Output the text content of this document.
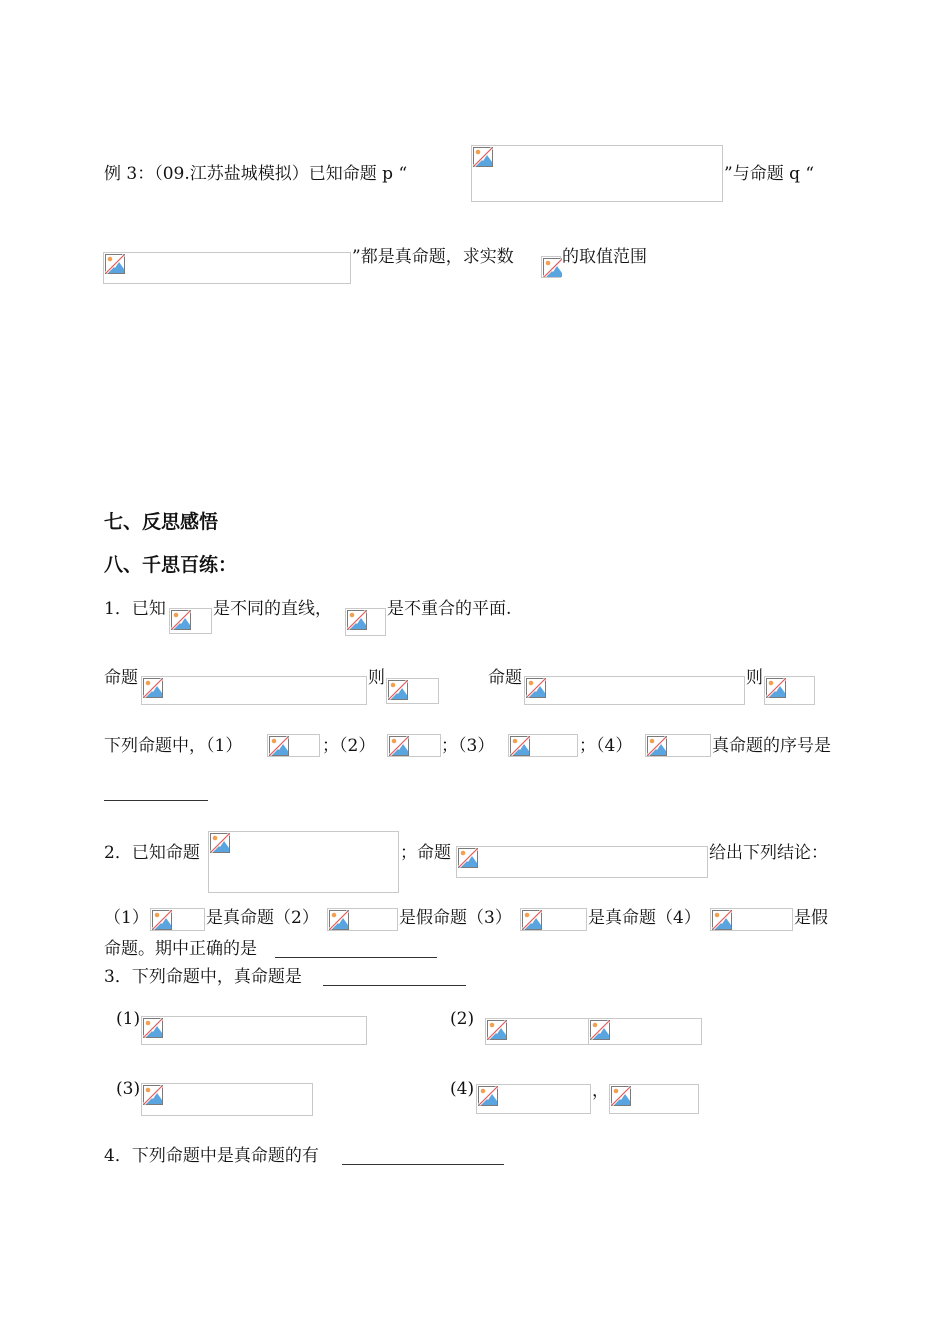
例 3：（09.江苏盐城模拟）已知命题 p “	”与命题 q “
”都是真命题，求实数	的取值范围
七、反思感悟
八、千思百练：
1．已知	是不同的直线，	是不重合的平面.
命题	则	命题	则
下列命题中，（1）	；（2）	；（3）	；（4）	真命题的序号是
2．已知命题	；命题	给出下列结论：
（1）	是真命题（2）	是假命题（3）	是真命题（4）	是假
命题。期中正确的是
3．下列命题中，真命题是
(1)	(2)
(3)	(4)	，
4．下列命题中是真命题的有
